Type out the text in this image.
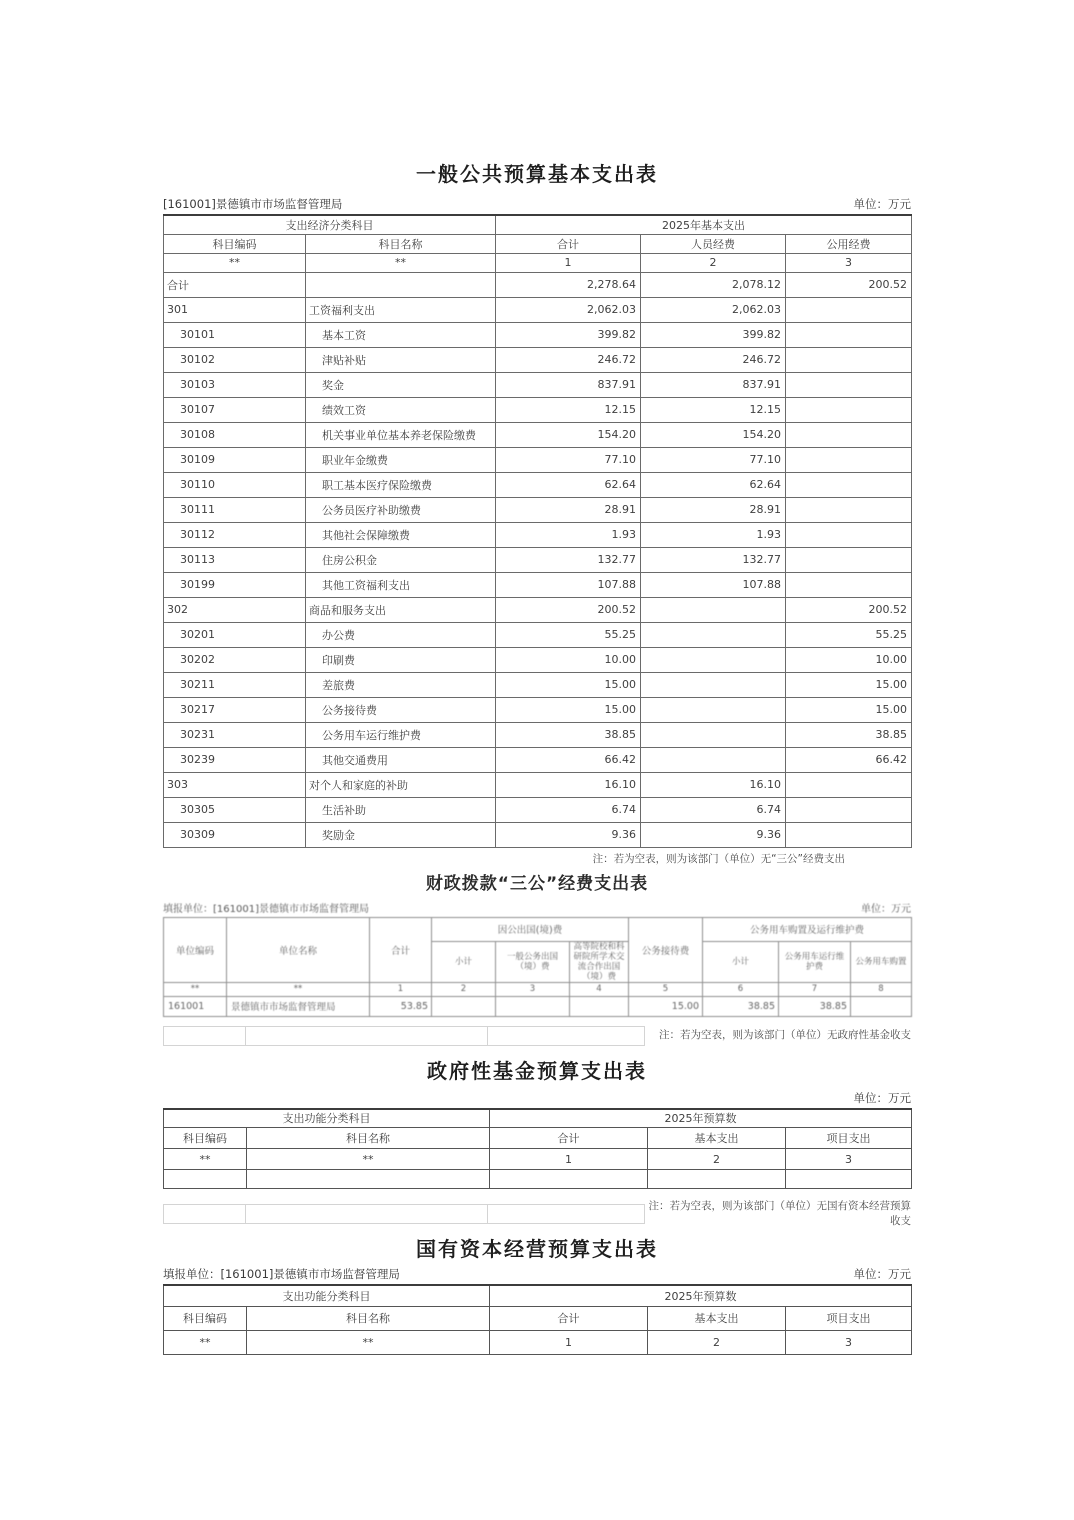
一般公共预算基本支出表
[161001]景德镇市市场监督管理局	单位：万元
支出经济分类科目		2025年基本支出		
科目编码	科目名称	合计	人员经费	公用经费
**	**	1	2	3
合计		2,278.64	2,078.12	200.52
301	工资福利支出	2,062.03	2,062.03	
30101	基本工资	399.82	399.82	
30102	津贴补贴	246.72	246.72	
30103	奖金	837.91	837.91	
30107	绩效工资	12.15	12.15	
30108	机关事业单位基本养老保险缴费	154.20	154.20	
30109	职业年金缴费	77.10	77.10	
30110	职工基本医疗保险缴费	62.64	62.64	
30111	公务员医疗补助缴费	28.91	28.91	
30112	其他社会保障缴费	1.93	1.93	
30113	住房公积金	132.77	132.77	
30199	其他工资福利支出	107.88	107.88	
302	商品和服务支出	200.52		200.52
30201	办公费	55.25		55.25
30202	印刷费	10.00		10.00
30211	差旅费	15.00		15.00
30217	公务接待费	15.00		15.00
30231	公务用车运行维护费	38.85		38.85
30239	其他交通费用	66.42		66.42
303	对个人和家庭的补助	16.10	16.10	
30305	生活补助	6.74	6.74	
30309	奖励金	9.36	9.36	
注：若为空表，则为该部门（单位）无“三公”经费支出
财政拨款“三公”经费支出表
填报单位：[161001]景德镇市市场监督管理局	单位：万元
单位编码	单位名称	合计	因公出国(境)费			公务接待费	公务用车购置及运行维护费		
			小计	一般公务出国（境）费	高等院校和科研院所学术交流合作出国（境）费		小计	公务用车运行维护费	公务用车购置
**	**	1	2	3	4	5	6	7	8
161001	景德镇市市场监督管理局	53.85				15.00	38.85	38.85	
注：若为空表，则为该部门（单位）无政府性基金收支
政府性基金预算支出表
单位：万元
支出功能分类科目		2025年预算数		
科目编码	科目名称	合计	基本支出	项目支出
**	**	1	2	3

注：若为空表，则为该部门（单位）无国有资本经营预算收支
国有资本经营预算支出表
填报单位：[161001]景德镇市市场监督管理局	单位：万元
支出功能分类科目		2025年预算数		
科目编码	科目名称	合计	基本支出	项目支出
**	**	1	2	3
